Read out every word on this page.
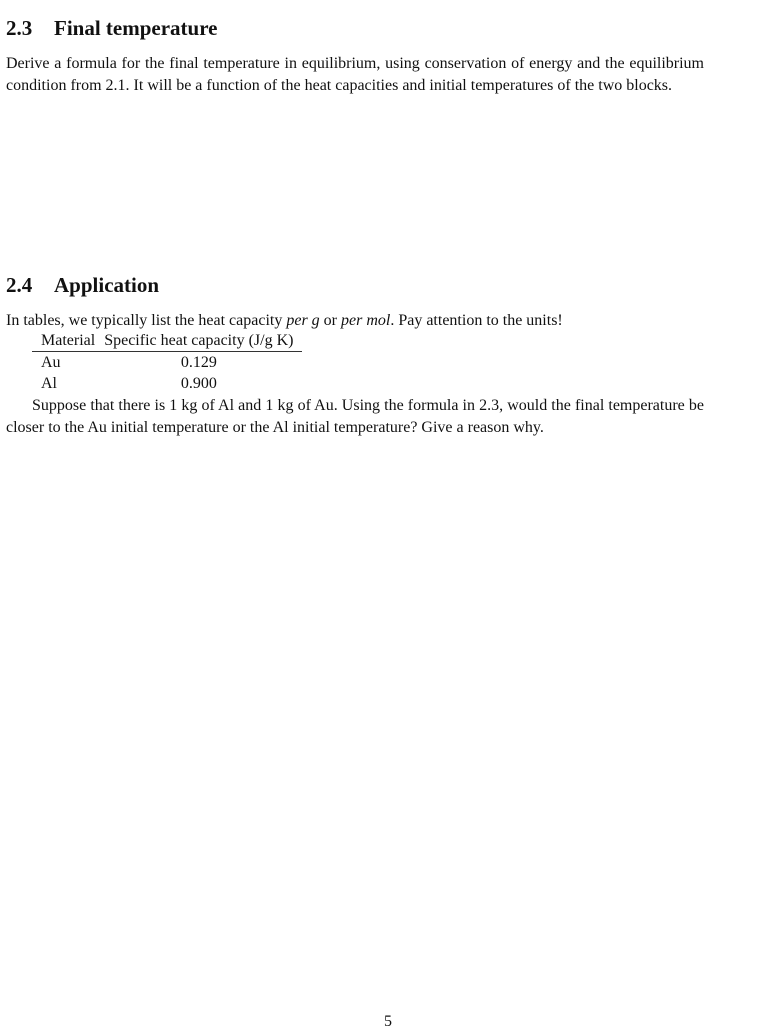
2.3 Final temperature

Derive a formula for the final temperature in equilibrium, using conservation of energy and the equilibrium condition from 2.1. It will be a function of the heat capacities and initial temperatures of the two blocks.

2.4 Application

In tables, we typically list the heat capacity per g or per mol. Pay attention to the units!

Material	Specific heat capacity (J/g K)
Au	0.129
Al	0.900

Suppose that there is 1 kg of Al and 1 kg of Au. Using the formula in 2.3, would the final temperature be closer to the Au initial temperature or the Al initial temperature? Give a reason why.

5
